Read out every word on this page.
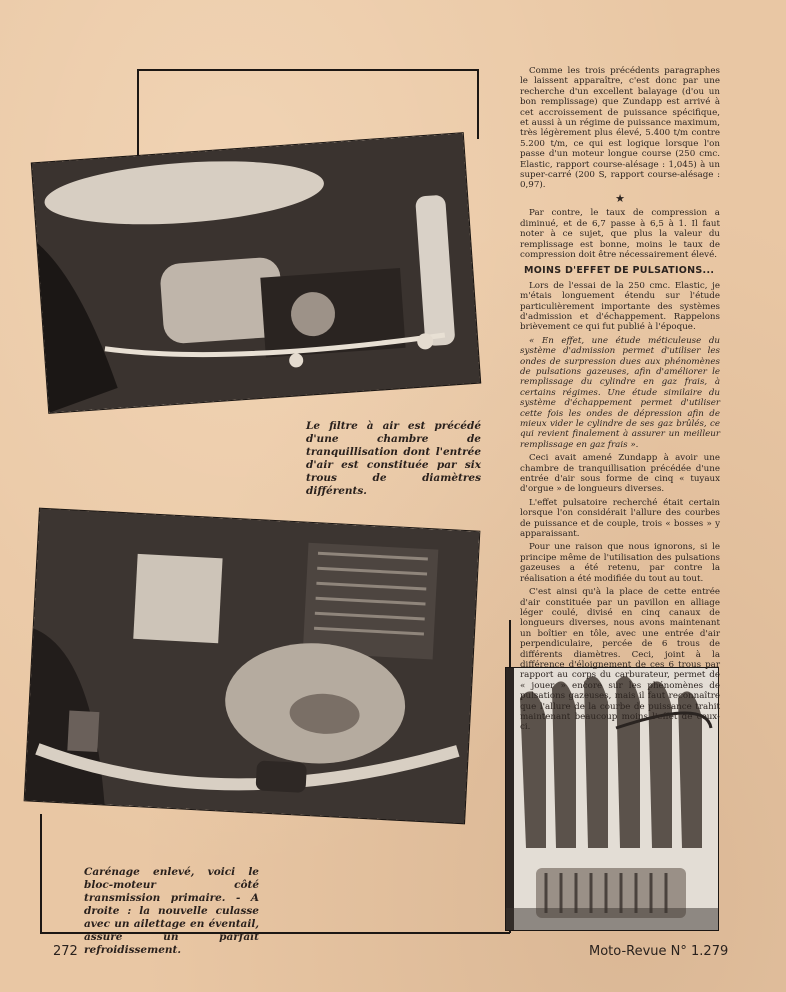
Le filtre à air est précédé d'une chambre de tranquillisation dont l'entrée d'air est constituée par six trous de diamètres différents.
Carénage enlevé, voici le bloc-moteur côté transmission primaire. - A droite : la nouvelle culasse avec un ailettage en éventail, assure un parfait refroidissement.

Comme les trois précédents paragraphes le laissent apparaître, c'est donc par une recherche d'un excellent balayage (d'ou un bon remplissage) que Zundapp est arrivé à cet accroissement de puissance spécifique, et aussi à un régime de puissance maximum, très légèrement plus élevé, 5.400 t/m contre 5.200 t/m, ce qui est logique lorsque l'on passe d'un moteur longue course (250 cmc. Elastic, rapport course-alésage : 1,045) à un super-carré (200 S, rapport course-alésage : 0,97).

★

Par contre, le taux de compression a diminué, et de 6,7 passe à 6,5 à 1. Il faut noter à ce sujet, que plus la valeur du remplissage est bonne, moins le taux de compression doit être nécessairement élevé.

MOINS D'EFFET DE PULSATIONS...

Lors de l'essai de la 250 cmc. Elastic, je m'étais longuement étendu sur l'étude particulièrement importante des systèmes d'admission et d'échappement. Rappelons brièvement ce qui fut publié à l'époque.

« En effet, une étude méticuleuse du système d'admission permet d'utiliser les ondes de surpression dues aux phénomènes de pulsations gazeuses, afin d'améliorer le remplissage du cylindre en gaz frais, à certains régimes. Une étude similaire du système d'échappement permet d'utiliser cette fois les ondes de dépression afin de mieux vider le cylindre de ses gaz brûlés, ce qui revient finalement à assurer un meilleur remplissage en gaz frais ».

Ceci avait amené Zundapp à avoir une chambre de tranquillisation précédée d'une entrée d'air sous forme de cinq « tuyaux d'orgue » de longueurs diverses.

L'effet pulsatoire recherché était certain lorsque l'on considérait l'allure des courbes de puissance et de couple, trois « bosses » y apparaissant.

Pour une raison que nous ignorons, si le principe même de l'utilisation des pulsations gazeuses a été retenu, par contre la réalisation a été modifiée du tout au tout.

C'est ainsi qu'à la place de cette entrée d'air constituée par un pavillon en alliage léger coulé, divisé en cinq canaux de longueurs diverses, nous avons maintenant un boîtier en tôle, avec une entrée d'air perpendiculaire, percée de 6 trous de différents diamètres. Ceci, joint à la différence d'éloignement de ces 6 trous par rapport au corps du carburateur, permet de « jouer » encore sur les phénomènes de pulsations gazeuses, mais il faut reconnaître que l'allure de la courbe de puissance trahit maintenant beaucoup moins l'effet de ceux-ci.

272	Moto-Revue N° 1.279
